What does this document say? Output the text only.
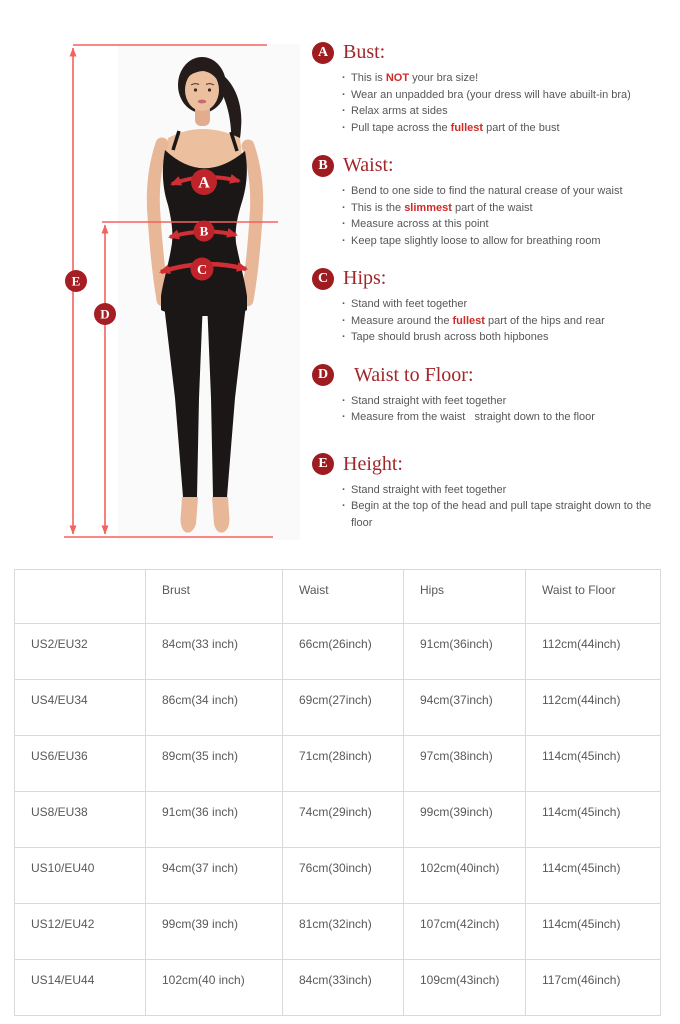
A
B
C
E
D
A Bust:
· This is NOT your bra size!
· Wear an unpadded bra (your dress will have abuilt-in bra)
· Relax arms at sides
· Pull tape across the fullest part of the bust
B Waist:
· Bend to one side to find the natural crease of your waist
· This is the slimmest part of the waist
· Measure across at this point
· Keep tape slightly loose to allow for breathing room
C Hips:
· Stand with feet together
· Measure around the fullest part of the hips and rear
· Tape should brush across both hipbones
D Waist to Floor:
· Stand straight with feet together
· Measure from the waist   straight down to the floor
E Height:
· Stand straight with feet together
· Begin at the top of the head and pull tape straight down to the floor
	Brust	Waist	Hips	Waist to Floor
US2/EU32	84cm(33 inch)	66cm(26inch)	91cm(36inch)	112cm(44inch)
US4/EU34	86cm(34 inch)	69cm(27inch)	94cm(37inch)	112cm(44inch)
US6/EU36	89cm(35 inch)	71cm(28inch)	97cm(38inch)	114cm(45inch)
US8/EU38	91cm(36 inch)	74cm(29inch)	99cm(39inch)	114cm(45inch)
US10/EU40	94cm(37 inch)	76cm(30inch)	102cm(40inch)	114cm(45inch)
US12/EU42	99cm(39 inch)	81cm(32inch)	107cm(42inch)	114cm(45inch)
US14/EU44	102cm(40 inch)	84cm(33inch)	109cm(43inch)	117cm(46inch)
